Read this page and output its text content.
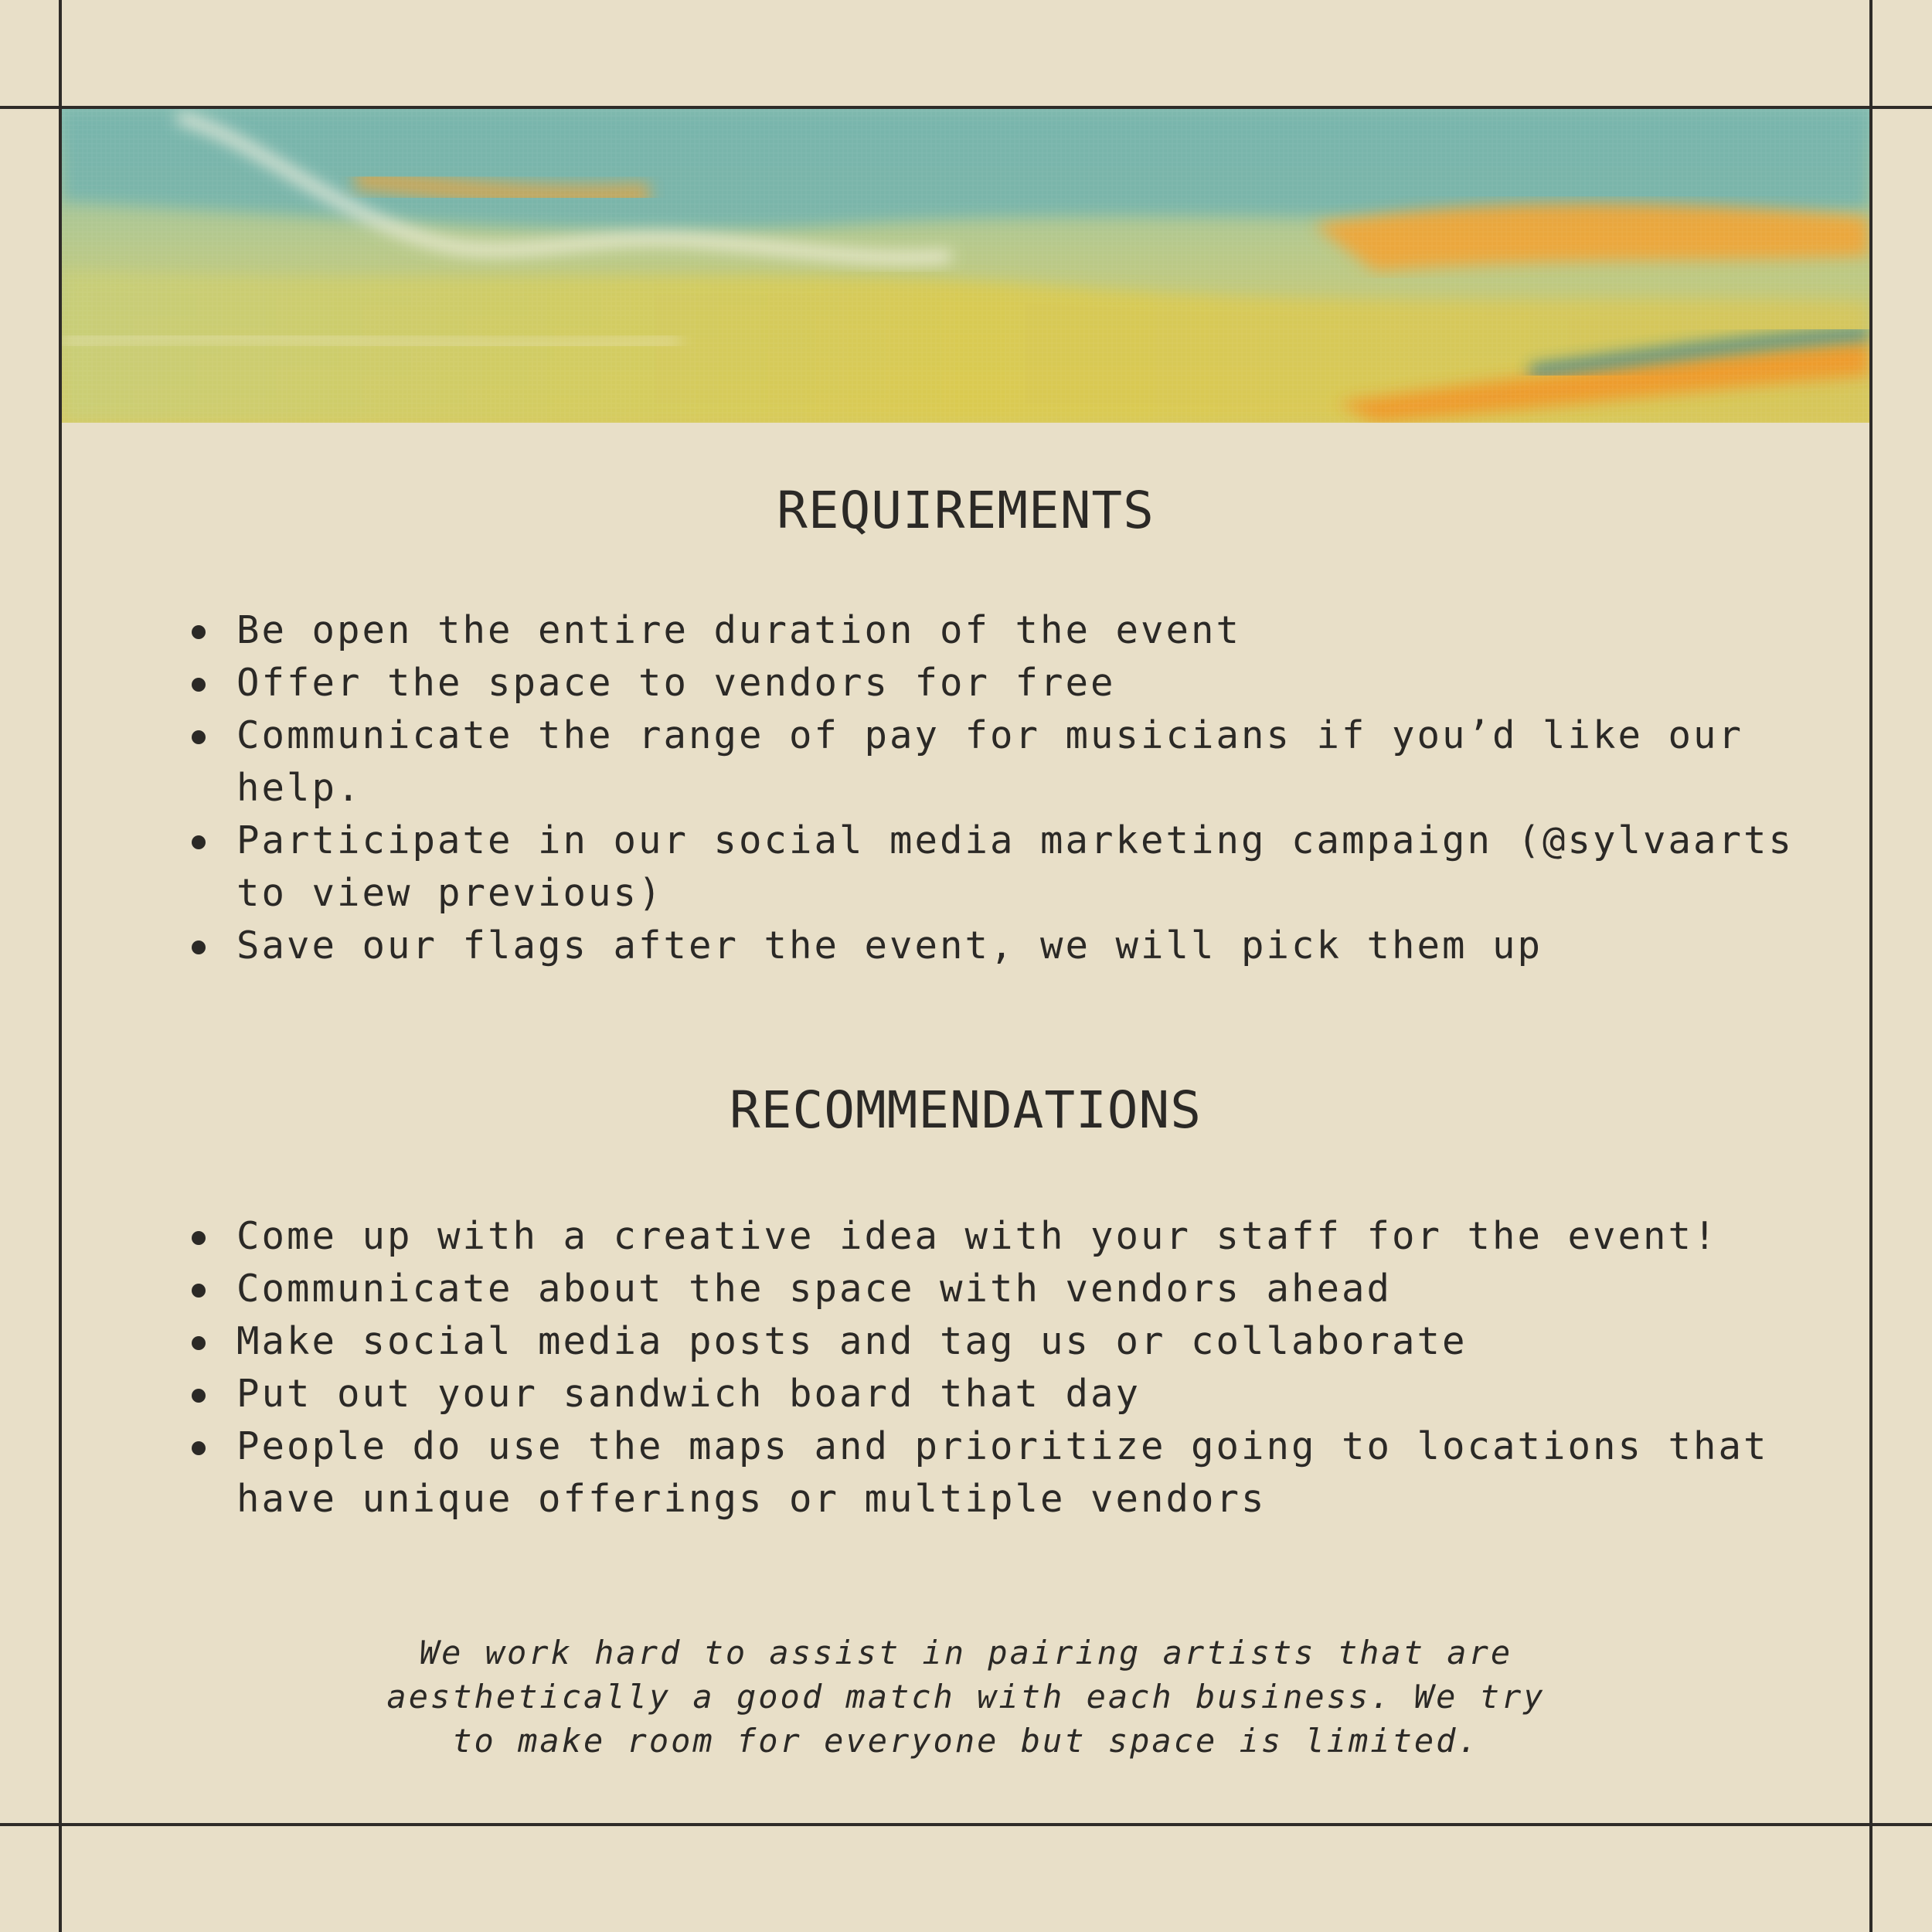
REQUIREMENTS
Be open the entire duration of the event
Offer the space to vendors for free
Communicate the range of pay for musicians if you’d like our help.
Participate in our social media marketing campaign (@sylvaarts to view previous)
Save our flags after the event, we will pick them up
RECOMMENDATIONS
Come up with a creative idea with your staff for the event!
Communicate about the space with vendors ahead
Make social media posts and tag us or collaborate
Put out your sandwich board that day
People do use the maps and prioritize going to locations that have unique offerings or multiple vendors

We work hard to assist in pairing artists that are aesthetically a good match with each business. We try to make room for everyone but space is limited.
